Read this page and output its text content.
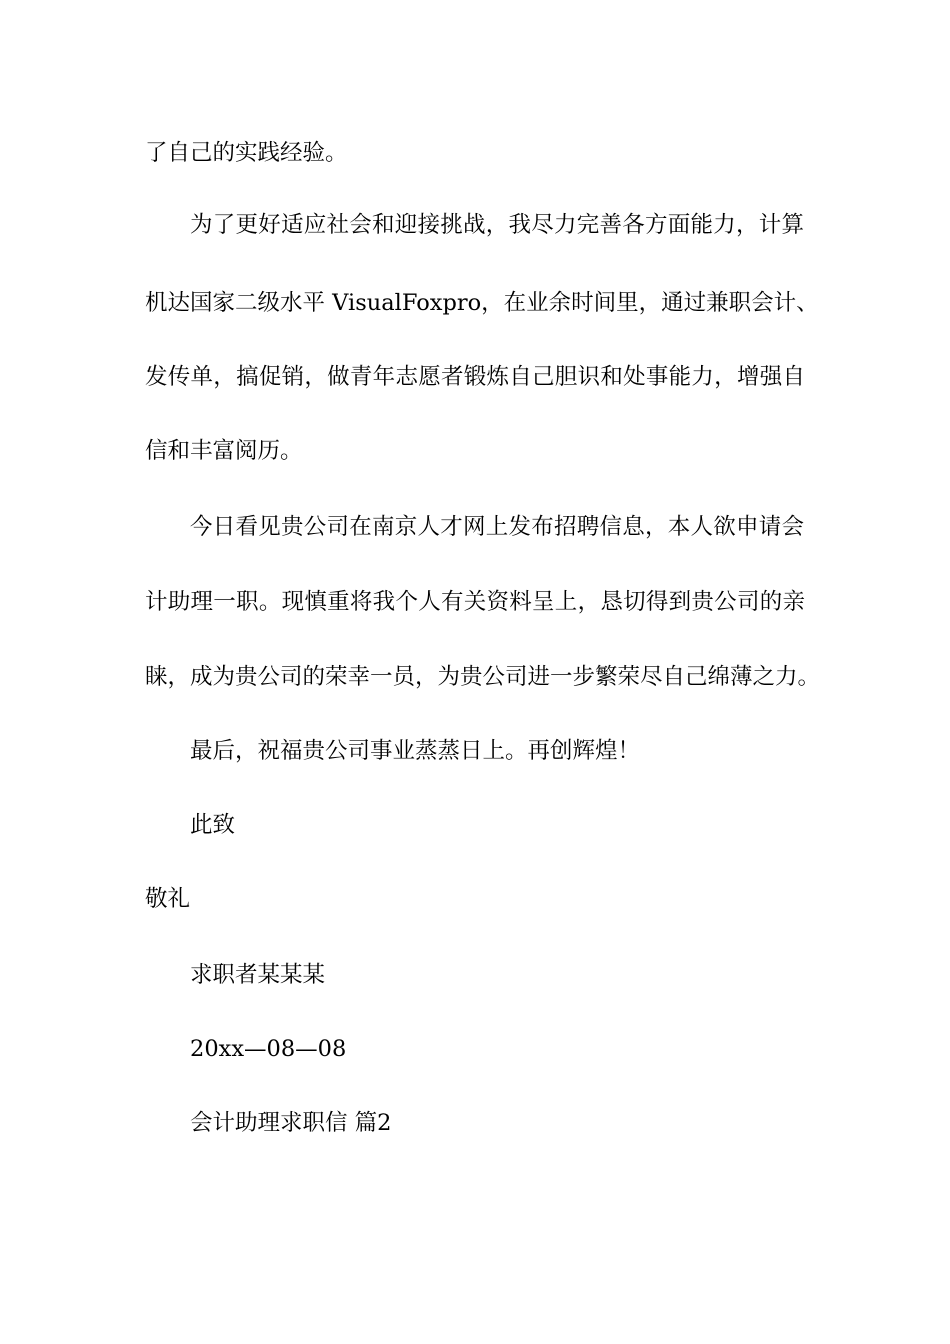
了自己的实践经验。
为了更好适应社会和迎接挑战，我尽力完善各方面能力，计算
机达国家二级水平 VisualFoxpro，在业余时间里，通过兼职会计、
发传单，搞促销，做青年志愿者锻炼自己胆识和处事能力，增强自
信和丰富阅历。
今日看见贵公司在南京人才网上发布招聘信息，本人欲申请会
计助理一职。现慎重将我个人有关资料呈上，恳切得到贵公司的亲
睐，成为贵公司的荣幸一员，为贵公司进一步繁荣尽自己绵薄之力。
最后，祝福贵公司事业蒸蒸日上。再创辉煌！
此致
敬礼
求职者某某某
20xx—08—08
会计助理求职信 篇2
